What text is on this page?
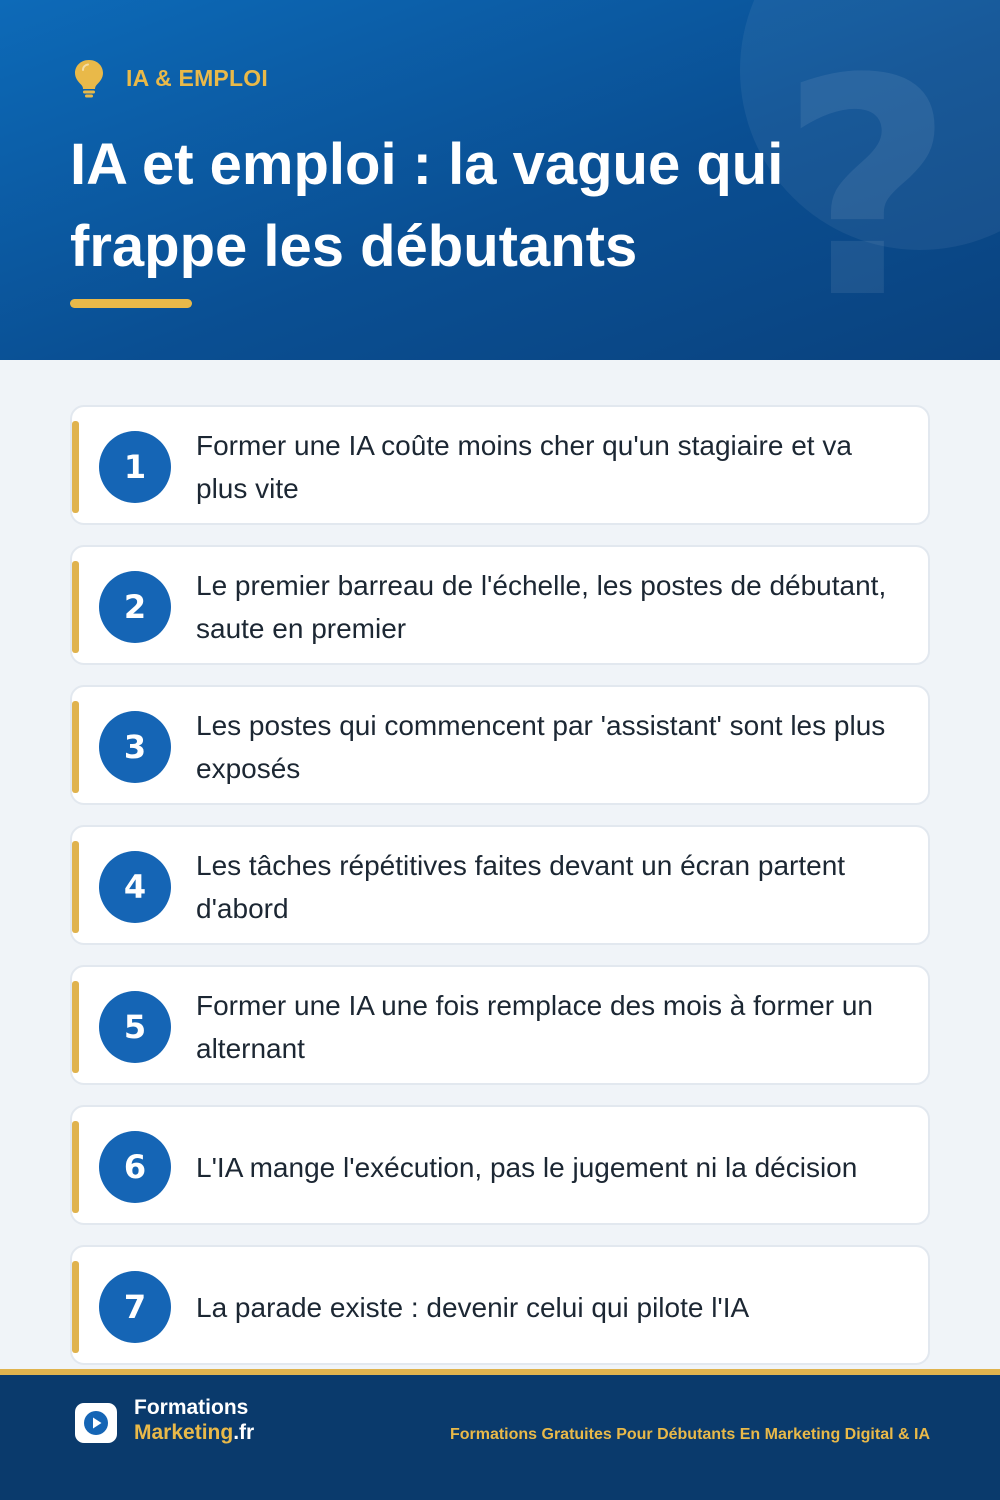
?
IA & EMPLOI
IA et emploi : la vague qui frappe les débutants
1
Former une IA coûte moins cher qu'un stagiaire et va plus vite
2
Le premier barreau de l'échelle, les postes de débutant, saute en premier
3
Les postes qui commencent par 'assistant' sont les plus exposés
4
Les tâches répétitives faites devant un écran partent d'abord
5
Former une IA une fois remplace des mois à former un alternant
6	L'IA mange l'exécution, pas le jugement ni la décision
7	La parade existe : devenir celui qui pilote l'IA
Formations
Marketing.fr	Formations Gratuites Pour Débutants En Marketing Digital & IA
